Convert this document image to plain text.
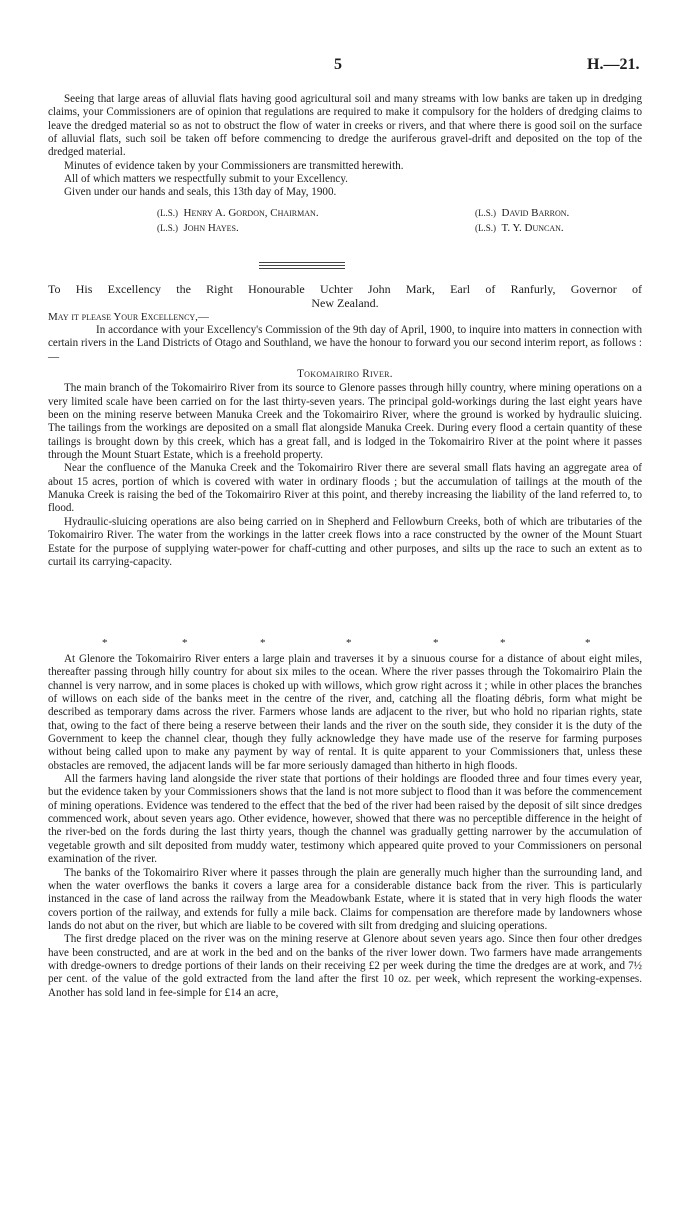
5	H.—21.

Seeing that large areas of alluvial flats having good agricultural soil and many streams with low banks are taken up in dredging claims, your Commissioners are of opinion that regulations are required to make it compulsory for the holders of dredging claims to leave the dredged material so as not to obstruct the flow of water in creeks or rivers, and that where there is good soil on the surface of alluvial flats, such soil be taken off before commencing to dredge the auriferous gravel-drift and deposited on the top of the dredged material.

Minutes of evidence taken by your Commissioners are transmitted herewith.

All of which matters we respectfully submit to your Excellency.

Given under our hands and seals, this 13th day of May, 1900.

(L.S.) Henry A. Gordon, Chairman.	(L.S.) David Barron.
(L.S.) John Hayes.	(L.S.) T. Y. Duncan.
To His Excellency the Right Honourable Uchter John Mark, Earl of Ranfurly, Governor of
New Zealand.
May it please Your Excellency,—

In accordance with your Excellency's Commission of the 9th day of April, 1900, to inquire into matters in connection with certain rivers in the Land Districts of Otago and Southland, we have the honour to forward you our second interim report, as follows :—

Tokomairiro River.

The main branch of the Tokomairiro River from its source to Glenore passes through hilly country, where mining operations on a very limited scale have been carried on for the last thirty-seven years. The principal gold-workings during the last eight years have been on the mining reserve between Manuka Creek and the Tokomairiro River, where the ground is worked by hydraulic sluicing. The tailings from the workings are deposited on a small flat alongside Manuka Creek. During every flood a certain quantity of these tailings is brought down by this creek, which has a great fall, and is lodged in the Tokomairiro River at the point where it passes through the Mount Stuart Estate, which is a freehold property.

Near the confluence of the Manuka Creek and the Tokomairiro River there are several small flats having an aggregate area of about 15 acres, portion of which is covered with water in ordinary floods ; but the accumulation of tailings at the mouth of the Manuka Creek is raising the bed of the Tokomairiro River at this point, and thereby increasing the liability of the land referred to, to flood.

Hydraulic-sluicing operations are also being carried on in Shepherd and Fellowburn Creeks, both of which are tributaries of the Tokomairiro River. The water from the workings in the latter creek flows into a race constructed by the owner of the Mount Stuart Estate for the purpose of supplying water-power for chaff-cutting and other purposes, and silts up the race to such an extent as to curtail its carrying-capacity.

*	*	*	*	*	*	*

At Glenore the Tokomairiro River enters a large plain and traverses it by a sinuous course for a distance of about eight miles, thereafter passing through hilly country for about six miles to the ocean. Where the river passes through the Tokomairiro Plain the channel is very narrow, and in some places is choked up with willows, which grow right across it ; while in other places the branches of willows on each side of the banks meet in the centre of the river, and, catching all the floating débris, form what might be described as temporary dams across the river. Farmers whose lands are adjacent to the river, but who hold no riparian rights, state that, owing to the fact of there being a reserve between their lands and the river on the south side, they consider it is the duty of the Government to keep the channel clear, though they fully acknowledge they have made use of the reserve for farming purposes without being called upon to make any payment by way of rental. It is quite apparent to your Commissioners that, unless these obstacles are removed, the adjacent lands will be far more seriously damaged than hitherto in high floods.

All the farmers having land alongside the river state that portions of their holdings are flooded three and four times every year, but the evidence taken by your Commissioners shows that the land is not more subject to flood than it was before the commencement of mining operations. Evidence was tendered to the effect that the bed of the river had been raised by the deposit of silt since dredges commenced work, about seven years ago. Other evidence, however, showed that there was no perceptible difference in the height of the river-bed on the fords during the last thirty years, though the channel was gradually getting narrower by the accumulation of vegetable growth and silt deposited from muddy water, testimony which appeared quite proved to your Commissioners on personal examination of the river.

The banks of the Tokomairiro River where it passes through the plain are generally much higher than the surrounding land, and when the water overflows the banks it covers a large area for a considerable distance back from the river. This is particularly instanced in the case of land across the railway from the Meadowbank Estate, where it is stated that in very high floods the water covers portion of the railway, and extends for fully a mile back. Claims for compensation are therefore made by landowners whose lands do not abut on the river, but which are liable to be covered with silt from dredging and sluicing operations.

The first dredge placed on the river was on the mining reserve at Glenore about seven years ago. Since then four other dredges have been constructed, and are at work in the bed and on the banks of the river lower down. Two farmers have made arrangements with dredge-owners to dredge portions of their lands on their receiving £2 per week during the time the dredges are at work, and 7½ per cent. of the value of the gold extracted from the land after the first 10 oz. per week, which represent the working-expenses. Another has sold land in fee-simple for £14 an acre,
